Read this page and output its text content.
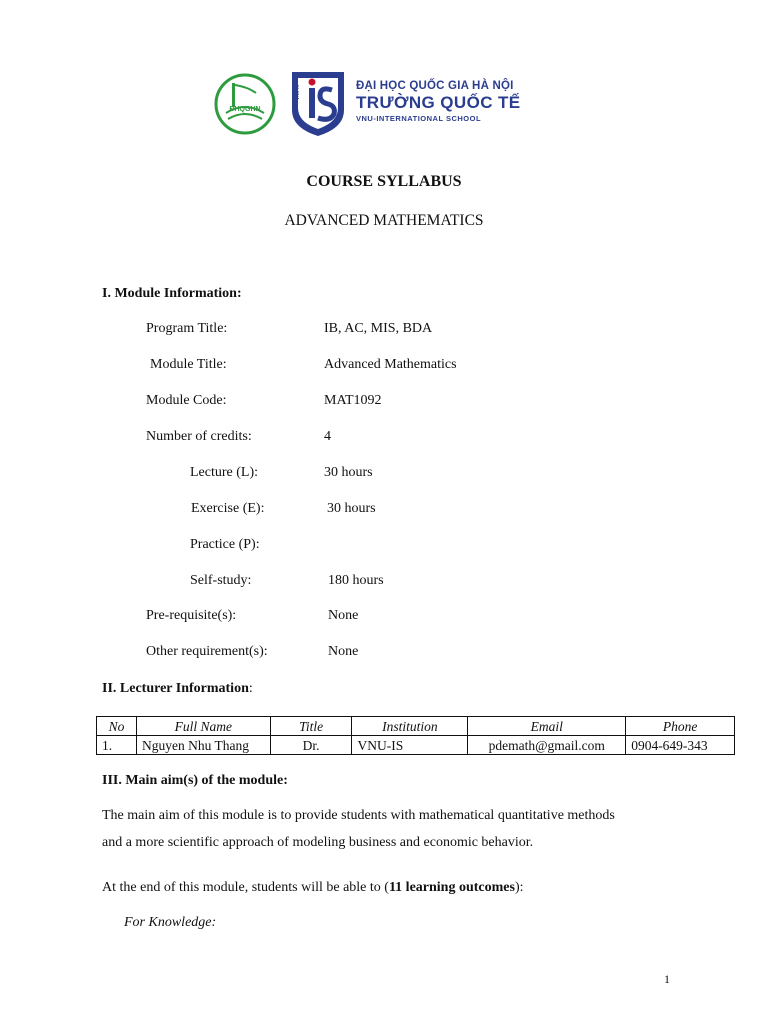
ĐHQGHN
VNU-IS	ĐẠI HỌC QUỐC GIA HÀ NỘI
TRƯỜNG QUỐC TẾ
VNU-INTERNATIONAL SCHOOL
COURSE SYLLABUS
ADVANCED MATHEMATICS
I. Module Information:
Program Title:	IB, AC, MIS, BDA
Module Title:	Advanced Mathematics
Module Code:	MAT1092
Number of credits:	4
Lecture (L):	30 hours
Exercise (E):	30 hours
Practice (P):
Self-study:	180 hours
Pre-requisite(s):	None
Other requirement(s):	None
II. Lecturer Information:
No	Full Name	Title	Institution	Email	Phone
1.	Nguyen Nhu Thang	Dr.	VNU-IS	pdemath@gmail.com	0904-649-343
III. Main aim(s) of the module:
The main aim of this module is to provide students with mathematical quantitative methods
and a more scientific approach of modeling business and economic behavior.
At the end of this module, students will be able to (11 learning outcomes):
For Knowledge:
1
